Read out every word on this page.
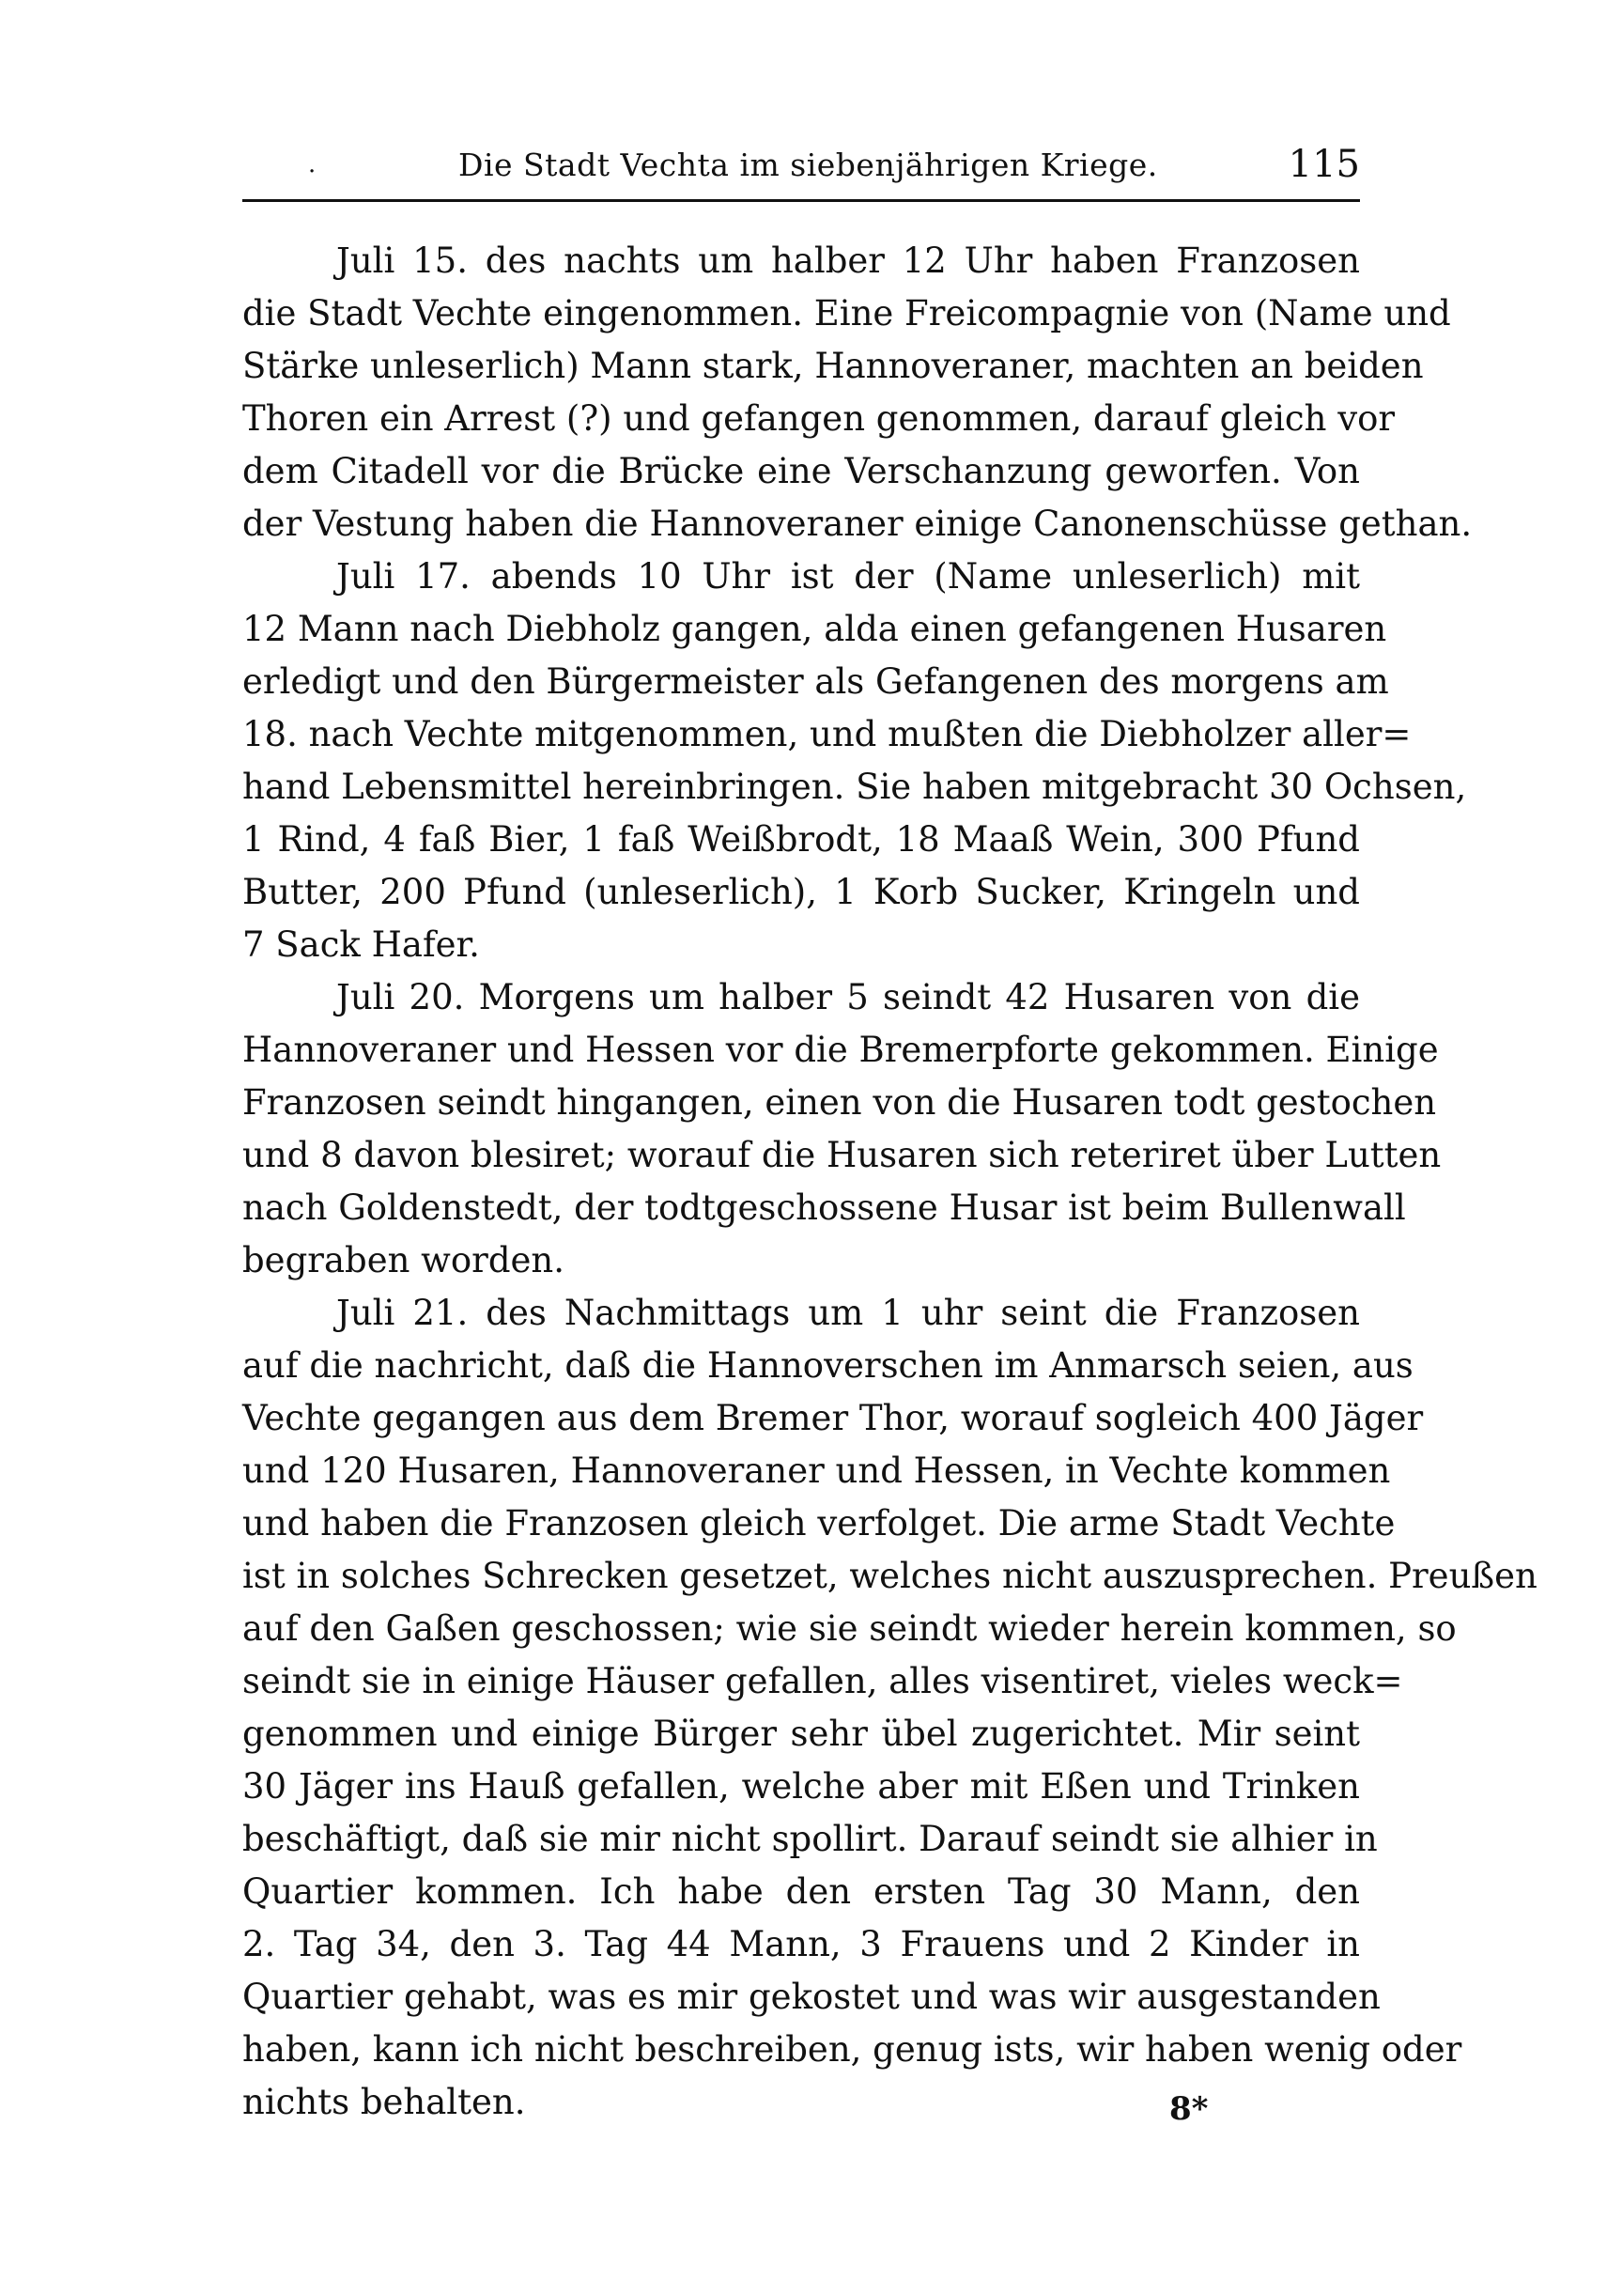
·	Die Stadt Vechta im siebenjährigen Kriege.	115
Juli 15. des nachts um halber 12 Uhr haben Franzosen
die Stadt Vechte eingenommen. Eine Freicompagnie von (Name und
Stärke unleserlich) Mann stark, Hannoveraner, machten an beiden
Thoren ein Arrest (?) und gefangen genommen, darauf gleich vor
dem Citadell vor die Brücke eine Verschanzung geworfen. Von
der Vestung haben die Hannoveraner einige Canonenschüsse gethan.
Juli 17. abends 10 Uhr ist der (Name unleserlich) mit
12 Mann nach Diebholz gangen, alda einen gefangenen Husaren
erledigt und den Bürgermeister als Gefangenen des morgens am
18. nach Vechte mitgenommen, und mußten die Diebholzer aller=
hand Lebensmittel hereinbringen. Sie haben mitgebracht 30 Ochsen,
1 Rind, 4 faß Bier, 1 faß Weißbrodt, 18 Maaß Wein, 300 Pfund
Butter, 200 Pfund (unleserlich), 1 Korb Sucker, Kringeln und
7 Sack Hafer.
Juli 20. Morgens um halber 5 seindt 42 Husaren von die
Hannoveraner und Hessen vor die Bremerpforte gekommen. Einige
Franzosen seindt hingangen, einen von die Husaren todt gestochen
und 8 davon blesiret; worauf die Husaren sich reteriret über Lutten
nach Goldenstedt, der todtgeschossene Husar ist beim Bullenwall
begraben worden.
Juli 21. des Nachmittags um 1 uhr seint die Franzosen
auf die nachricht, daß die Hannoverschen im Anmarsch seien, aus
Vechte gegangen aus dem Bremer Thor, worauf sogleich 400 Jäger
und 120 Husaren, Hannoveraner und Hessen, in Vechte kommen
und haben die Franzosen gleich verfolget. Die arme Stadt Vechte
ist in solches Schrecken gesetzet, welches nicht auszusprechen. Preußen
auf den Gaßen geschossen; wie sie seindt wieder herein kommen, so
seindt sie in einige Häuser gefallen, alles visentiret, vieles weck=
genommen und einige Bürger sehr übel zugerichtet. Mir seint
30 Jäger ins Hauß gefallen, welche aber mit Eßen und Trinken
beschäftigt, daß sie mir nicht spollirt. Darauf seindt sie alhier in
Quartier kommen. Ich habe den ersten Tag 30 Mann, den
2. Tag 34, den 3. Tag 44 Mann, 3 Frauens und 2 Kinder in
Quartier gehabt, was es mir gekostet und was wir ausgestanden
haben, kann ich nicht beschreiben, genug ists, wir haben wenig oder
nichts behalten.	8*
